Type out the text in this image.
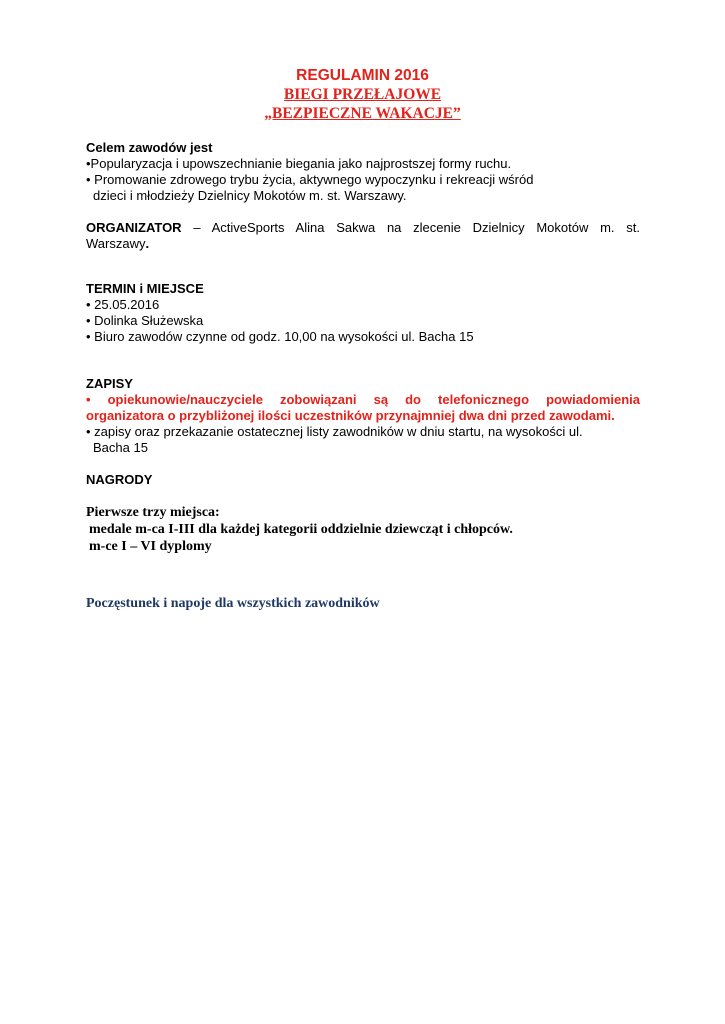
REGULAMIN 2016
BIEGI PRZEŁAJOWE
„BEZPIECZNE WAKACJE”
Celem zawodów jest
•Popularyzacja i upowszechnianie biegania jako najprostszej formy ruchu.
• Promowanie zdrowego trybu życia, aktywnego wypoczynku i rekreacji wśród
dzieci i młodzieży Dzielnicy Mokotów m. st. Warszawy.
ORGANIZATOR – ActiveSports Alina Sakwa na zlecenie Dzielnicy Mokotów m. st.
Warszawy.
TERMIN i MIEJSCE
• 25.05.2016
• Dolinka Służewska
• Biuro zawodów czynne od godz. 10,00 na wysokości ul. Bacha 15
ZAPISY
• opiekunowie/nauczyciele zobowiązani są do telefonicznego powiadomienia
organizatora o przybliżonej ilości uczestników przynajmniej dwa dni przed zawodami.
• zapisy oraz przekazanie ostatecznej listy zawodników w dniu startu, na wysokości ul.
Bacha 15
NAGRODY
Pierwsze trzy miejsca:
medale m-ca I-III dla każdej kategorii oddzielnie dziewcząt i chłopców.
m-ce I – VI dyplomy
Poczęstunek i napoje dla wszystkich zawodników
